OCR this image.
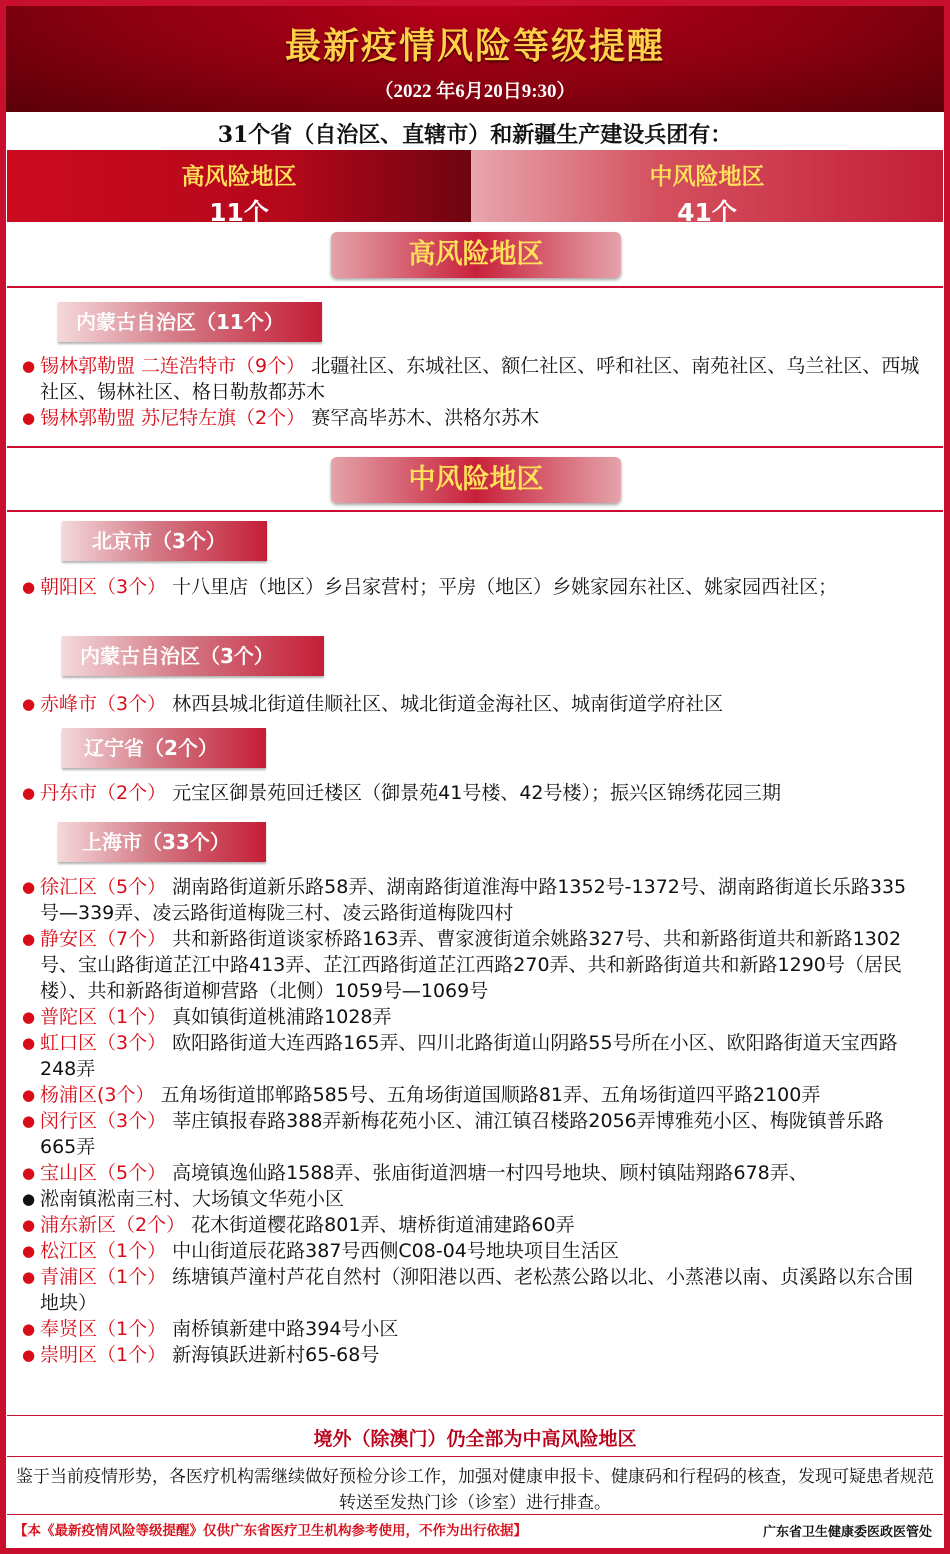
最新疫情风险等级提醒
（2022 年6月20日9:30）
31个省（自治区、直辖市）和新疆生产建设兵团有：
高风险地区
11个
中风险地区
41个
高风险地区
内蒙古自治区（11个）
● 锡林郭勒盟 二连浩特市（9个） 北疆社区、东城社区、额仁社区、呼和社区、南苑社区、乌兰社区、西城社区、锡林社区、格日勒敖都苏木
● 锡林郭勒盟 苏尼特左旗（2个） 赛罕高毕苏木、洪格尔苏木
中风险地区
北京市（3个）
● 朝阳区（3个） 十八里店（地区）乡吕家营村；平房（地区）乡姚家园东社区、姚家园西社区；
内蒙古自治区（3个）
● 赤峰市（3个） 林西县城北街道佳顺社区、城北街道金海社区、城南街道学府社区
辽宁省（2个）
● 丹东市（2个） 元宝区御景苑回迁楼区（御景苑41号楼、42号楼）；振兴区锦绣花园三期
上海市（33个）
● 徐汇区（5个） 湖南路街道新乐路58弄、湖南路街道淮海中路1352号-1372号、湖南路街道长乐路335号—339弄、凌云路街道梅陇三村、凌云路街道梅陇四村
● 静安区（7个） 共和新路街道谈家桥路163弄、曹家渡街道余姚路327号、共和新路街道共和新路1302号、宝山路街道芷江中路413弄、芷江西路街道芷江西路270弄、共和新路街道共和新路1290号（居民楼）、共和新路街道柳营路（北侧）1059号—1069号
● 普陀区（1个） 真如镇街道桃浦路1028弄
● 虹口区（3个） 欧阳路街道大连西路165弄、四川北路街道山阴路55号所在小区、欧阳路街道天宝西路248弄
● 杨浦区(3个） 五角场街道邯郸路585号、五角场街道国顺路81弄、五角场街道四平路2100弄
● 闵行区（3个） 莘庄镇报春路388弄新梅花苑小区、浦江镇召楼路2056弄博雅苑小区、梅陇镇普乐路665弄
● 宝山区（5个） 高境镇逸仙路1588弄、张庙街道泗塘一村四号地块、顾村镇陆翔路678弄、
● 淞南镇淞南三村、大场镇文华苑小区
● 浦东新区（2个） 花木街道樱花路801弄、塘桥街道浦建路60弄
● 松江区（1个） 中山街道辰花路387号西侧C08-04号地块项目生活区
● 青浦区（1个） 练塘镇芦潼村芦花自然村（泖阳港以西、老松蒸公路以北、小蒸港以南、贞溪路以东合围地块）
● 奉贤区（1个） 南桥镇新建中路394号小区
● 崇明区（1个） 新海镇跃进新村65-68号
境外（除澳门）仍全部为中高风险地区
鉴于当前疫情形势，各医疗机构需继续做好预检分诊工作，加强对健康申报卡、健康码和行程码的核查，发现可疑患者规范转送至发热门诊（诊室）进行排查。
【本《最新疫情风险等级提醒》仅供广东省医疗卫生机构参考使用，不作为出行依据】	广东省卫生健康委医政医管处
